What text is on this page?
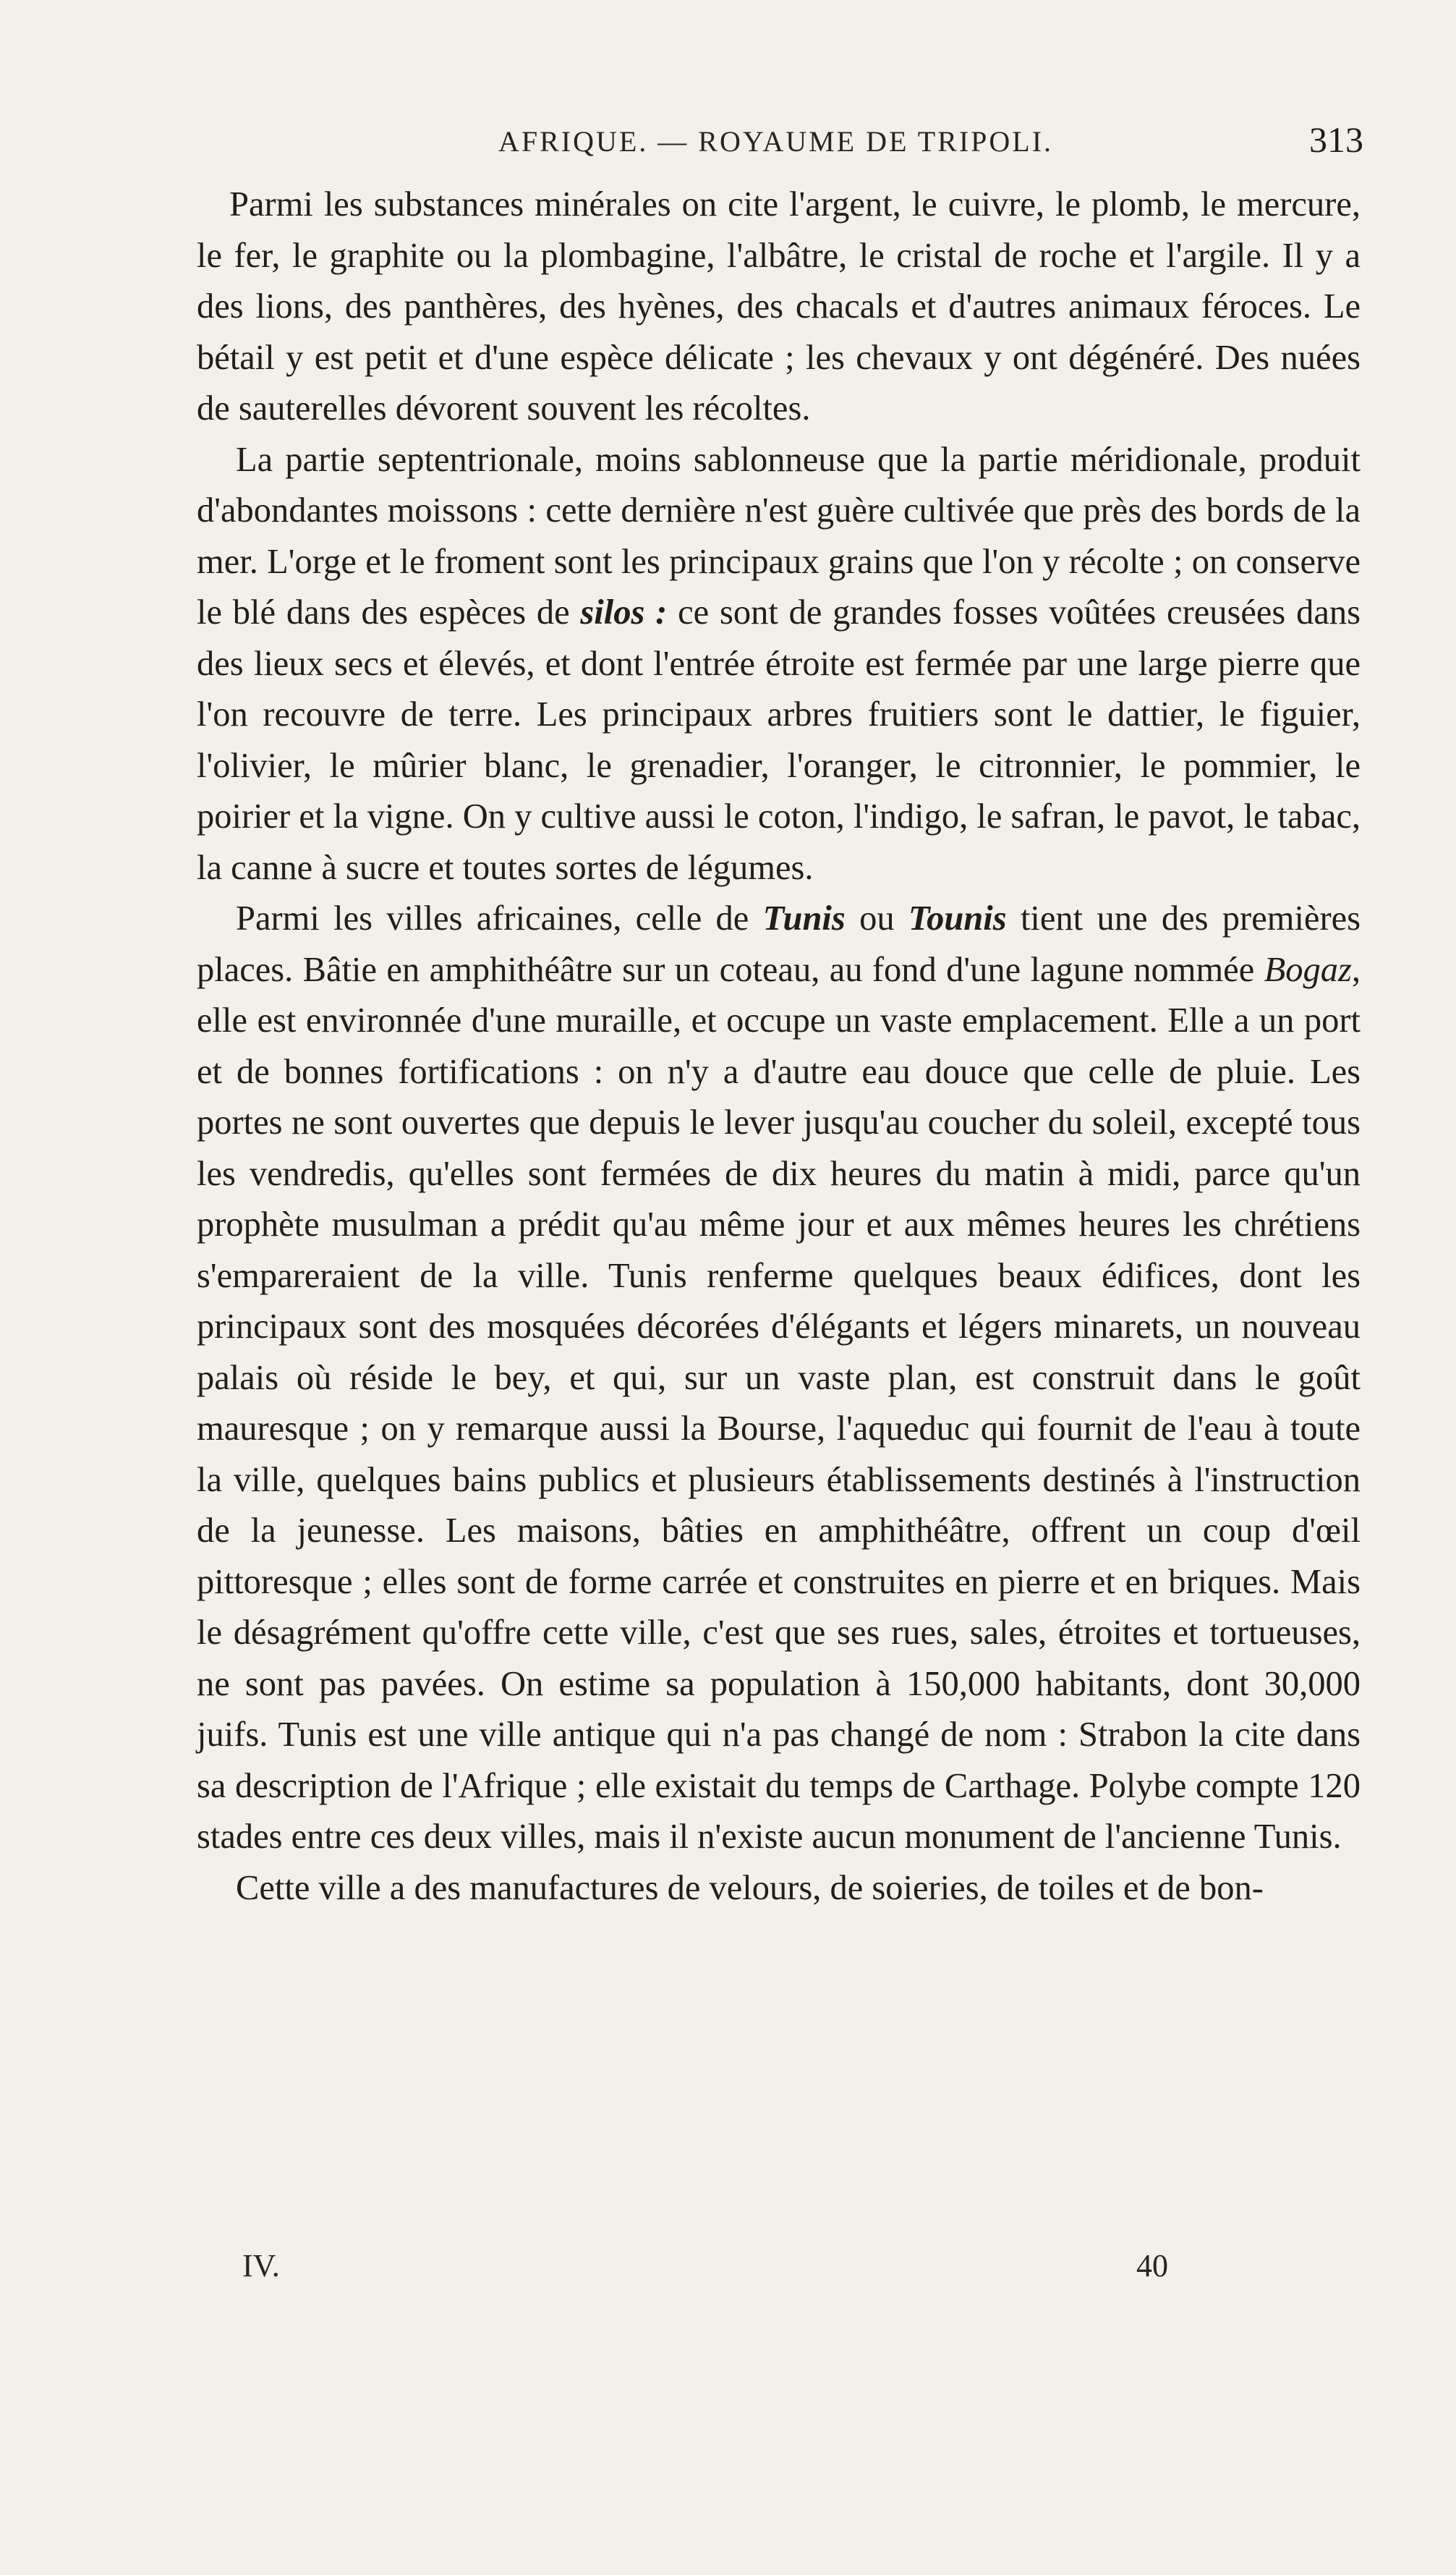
AFRIQUE. — ROYAUME DE TRIPOLI.	313

Parmi les substances minérales on cite l'argent, le cuivre, le plomb, le mercure, le fer, le graphite ou la plombagine, l'albâtre, le cristal de roche et l'argile. Il y a des lions, des panthères, des hyènes, des chacals et d'autres animaux féroces. Le bétail y est petit et d'une espèce délicate ; les chevaux y ont dégénéré. Des nuées de sauterelles dévorent souvent les récoltes.

La partie septentrionale, moins sablonneuse que la partie méridionale, produit d'abondantes moissons : cette dernière n'est guère cultivée que près des bords de la mer. L'orge et le froment sont les principaux grains que l'on y récolte ; on conserve le blé dans des espèces de silos : ce sont de grandes fosses voûtées creusées dans des lieux secs et élevés, et dont l'entrée étroite est fermée par une large pierre que l'on recouvre de terre. Les principaux arbres fruitiers sont le dattier, le figuier, l'olivier, le mûrier blanc, le grenadier, l'oranger, le citronnier, le pommier, le poirier et la vigne. On y cultive aussi le coton, l'indigo, le safran, le pavot, le tabac, la canne à sucre et toutes sortes de légumes.

Parmi les villes africaines, celle de Tunis ou Tounis tient une des premières places. Bâtie en amphithéâtre sur un coteau, au fond d'une lagune nommée Bogaz, elle est environnée d'une muraille, et occupe un vaste emplacement. Elle a un port et de bonnes fortifications : on n'y a d'autre eau douce que celle de pluie. Les portes ne sont ouvertes que depuis le lever jusqu'au coucher du soleil, excepté tous les vendredis, qu'elles sont fermées de dix heures du matin à midi, parce qu'un prophète musulman a prédit qu'au même jour et aux mêmes heures les chrétiens s'empareraient de la ville. Tunis renferme quelques beaux édifices, dont les principaux sont des mosquées décorées d'élégants et légers minarets, un nouveau palais où réside le bey, et qui, sur un vaste plan, est construit dans le goût mauresque ; on y remarque aussi la Bourse, l'aqueduc qui fournit de l'eau à toute la ville, quelques bains publics et plusieurs établissements destinés à l'instruction de la jeunesse. Les maisons, bâties en amphithéâtre, offrent un coup d'œil pittoresque ; elles sont de forme carrée et construites en pierre et en briques. Mais le désagrément qu'offre cette ville, c'est que ses rues, sales, étroites et tortueuses, ne sont pas pavées. On estime sa population à 150,000 habitants, dont 30,000 juifs. Tunis est une ville antique qui n'a pas changé de nom : Strabon la cite dans sa description de l'Afrique ; elle existait du temps de Carthage. Polybe compte 120 stades entre ces deux villes, mais il n'existe aucun monument de l'ancienne Tunis.

Cette ville a des manufactures de velours, de soieries, de toiles et de bon-

IV.	40
